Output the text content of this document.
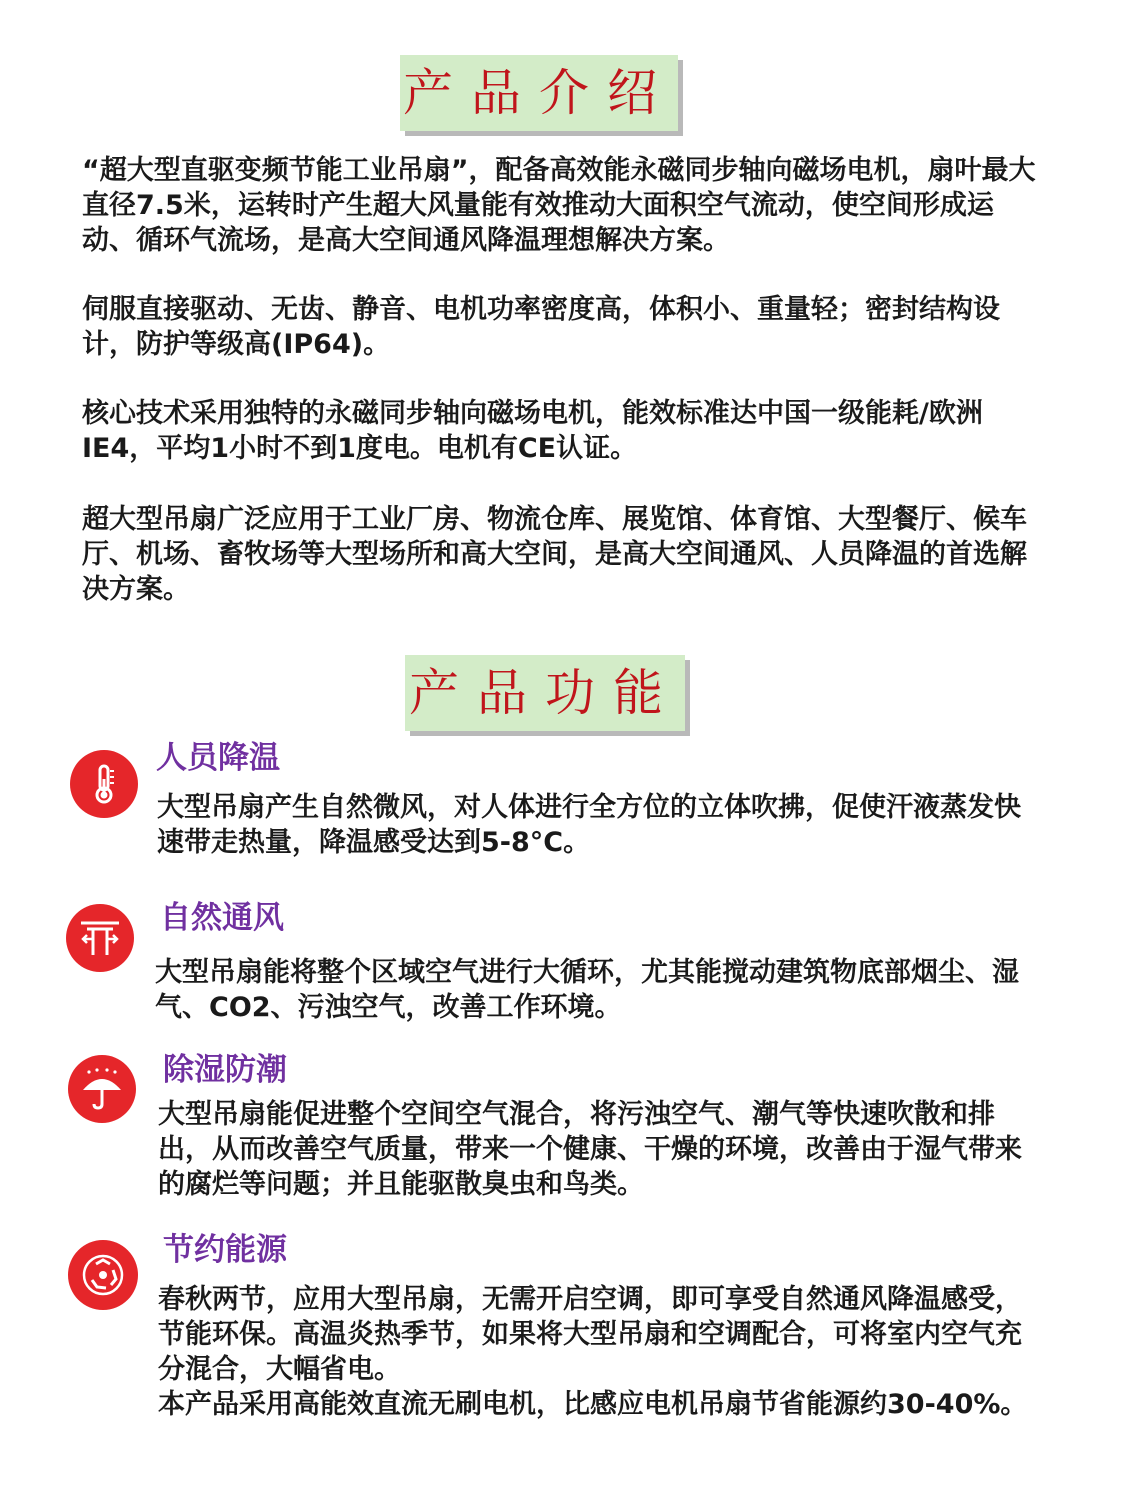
产品介绍

“超大型直驱变频节能工业吊扇”，配备高效能永磁同步轴向磁场电机，扇叶最大直径7.5米，运转时产生超大风量能有效推动大面积空气流动，使空间形成运动、循环气流场，是高大空间通风降温理想解决方案。

伺服直接驱动、无齿、静音、电机功率密度高，体积小、重量轻；密封结构设计，防护等级高(IP64)。

核心技术采用独特的永磁同步轴向磁场电机，能效标准达中国一级能耗/欧洲IE4，平均1小时不到1度电。电机有CE认证。

超大型吊扇广泛应用于工业厂房、物流仓库、展览馆、体育馆、大型餐厅、候车厅、机场、畜牧场等大型场所和高大空间，是高大空间通风、人员降温的首选解决方案。

产品功能
人员降温

大型吊扇产生自然微风，对人体进行全方位的立体吹拂，促使汗液蒸发快速带走热量，降温感受达到5-8°C。

自然通风

大型吊扇能将整个区域空气进行大循环，尤其能搅动建筑物底部烟尘、湿气、CO2、污浊空气，改善工作环境。

除湿防潮

大型吊扇能促进整个空间空气混合，将污浊空气、潮气等快速吹散和排出，从而改善空气质量，带来一个健康、干燥的环境，改善由于湿气带来的腐烂等问题；并且能驱散臭虫和鸟类。

节约能源
春秋两节，应用大型吊扇，无需开启空调，即可享受自然通风降温感受，节能环保。高温炎热季节，如果将大型吊扇和空调配合，可将室内空气充分混合，大幅省电。
本产品采用高能效直流无刷电机，比感应电机吊扇节省能源约30-40%。
